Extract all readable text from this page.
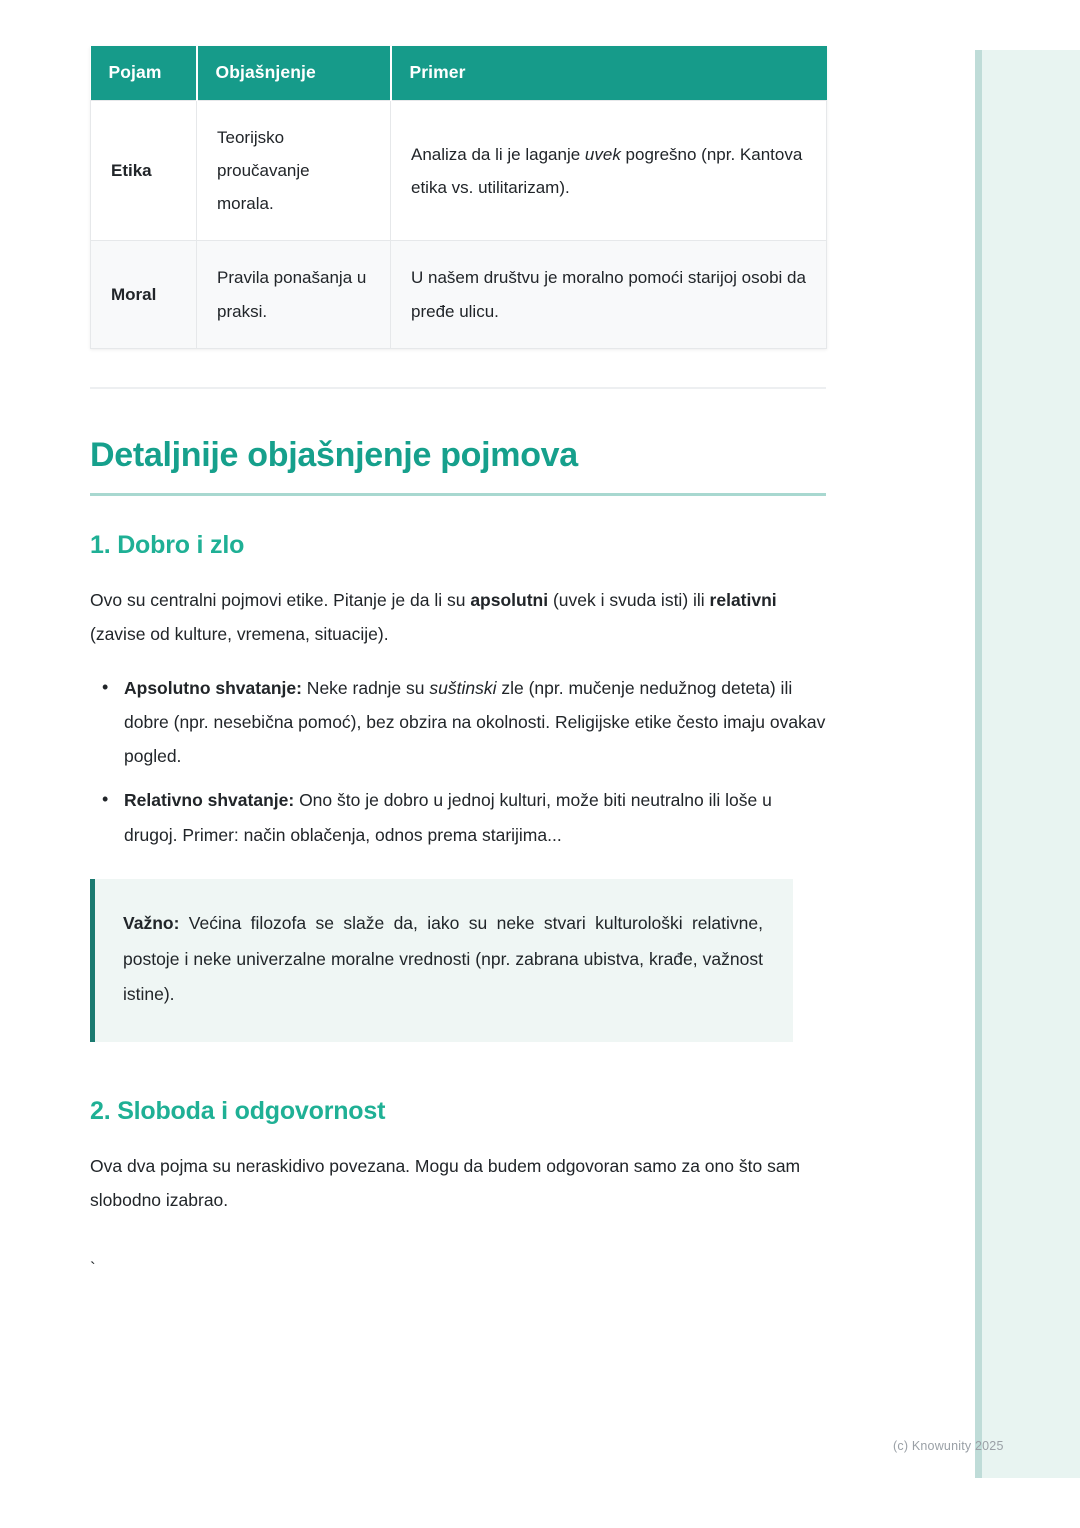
Pojam	Objašnjenje	Primer
Etika	Teorijsko proučavanje morala.	Analiza da li je laganje uvek pogrešno (npr. Kantova etika vs. utilitarizam).
Moral	Pravila ponašanja u praksi.	U našem društvu je moralno pomoći starijoj osobi da pređe ulicu.
Detaljnije objašnjenje pojmova
1. Dobro i zlo

Ovo su centralni pojmovi etike. Pitanje je da li su apsolutni (uvek i svuda isti) ili relativni (zavise od kulture, vremena, situacije).

• Apsolutno shvatanje: Neke radnje su suštinski zle (npr. mučenje nedužnog deteta) ili dobre (npr. nesebična pomoć), bez obzira na okolnosti. Religijske etike često imaju ovakav pogled.
• Relativno shvatanje: Ono što je dobro u jednoj kulturi, može biti neutralno ili loše u drugoj. Primer: način oblačenja, odnos prema starijima...

Važno: Većina filozofa se slaže da, iako su neke stvari kulturološki relativne, postoje i neke univerzalne moralne vrednosti (npr. zabrana ubistva, krađe, važnost istine).

2. Sloboda i odgovornost

Ova dva pojma su neraskidivo povezana. Mogu da budem odgovoran samo za ono što sam slobodno izabrao.

`

(c) Knowunity 2025
